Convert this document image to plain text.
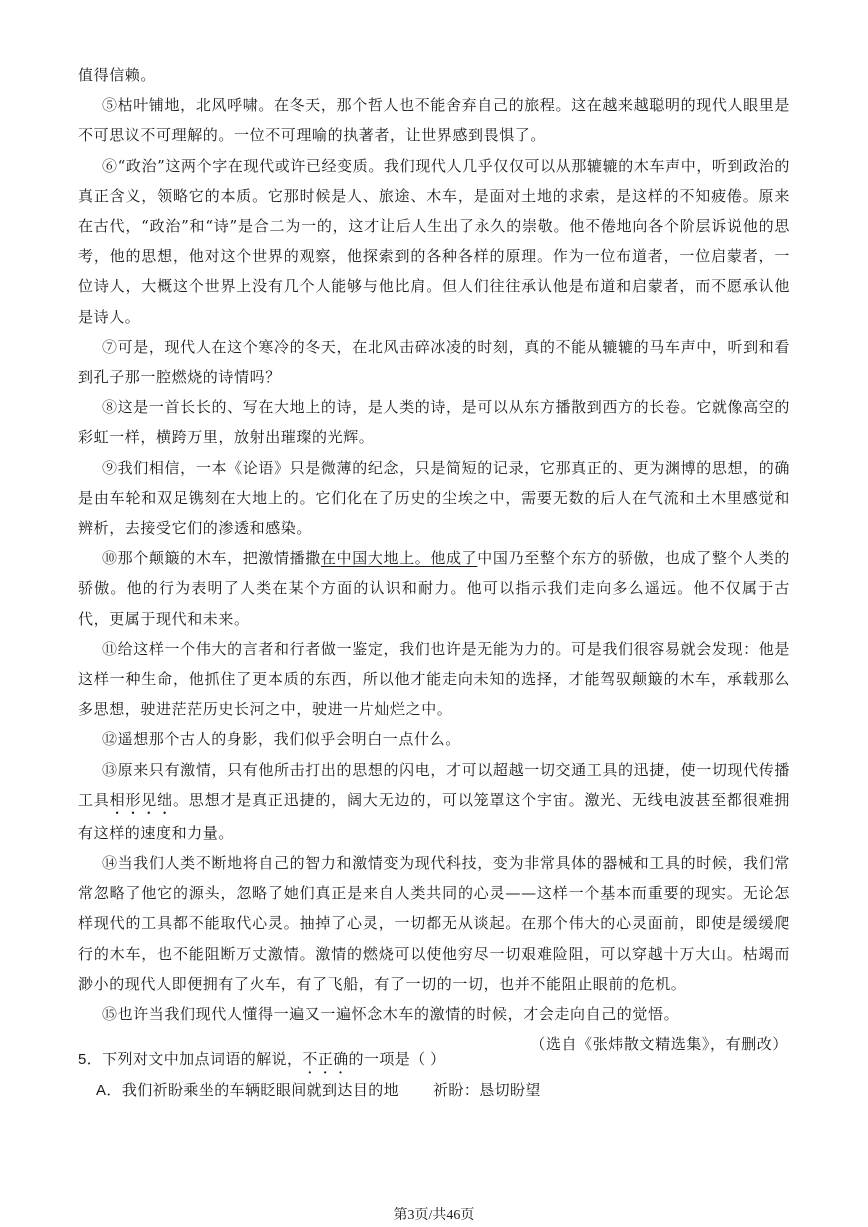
值得信赖。

⑤枯叶铺地，北风呼啸。在冬天，那个哲人也不能舍弃自己的旅程。这在越来越聪明的现代人眼里是不可思议不可理解的。一位不可理喻的执著者，让世界感到畏惧了。

⑥“政治”这两个字在现代或许已经变质。我们现代人几乎仅仅可以从那辘辘的木车声中，听到政治的真正含义，领略它的本质。它那时候是人、旅途、木车，是面对土地的求索，是这样的不知疲倦。原来在古代，“政治”和“诗”是合二为一的，这才让后人生出了永久的崇敬。他不倦地向各个阶层诉说他的思考，他的思想，他对这个世界的观察，他探索到的各种各样的原理。作为一位布道者，一位启蒙者，一位诗人，大概这个世界上没有几个人能够与他比肩。但人们往往承认他是布道和启蒙者，而不愿承认他是诗人。

⑦可是，现代人在这个寒冷的冬天，在北风击碎冰凌的时刻，真的不能从辘辘的马车声中，听到和看到孔子那一腔燃烧的诗情吗？

⑧这是一首长长的、写在大地上的诗，是人类的诗，是可以从东方播散到西方的长卷。它就像高空的彩虹一样，横跨万里，放射出璀璨的光辉。

⑨我们相信，一本《论语》只是微薄的纪念，只是简短的记录，它那真正的、更为渊博的思想，的确是由车轮和双足镌刻在大地上的。它们化在了历史的尘埃之中，需要无数的后人在气流和土木里感觉和辨析，去接受它们的渗透和感染。

⑩那个颠簸的木车，把激情播撒在中国大地上。他成了中国乃至整个东方的骄傲，也成了整个人类的骄傲。他的行为表明了人类在某个方面的认识和耐力。他可以指示我们走向多么遥远。他不仅属于古代，更属于现代和未来。

⑪给这样一个伟大的言者和行者做一鉴定，我们也许是无能为力的。可是我们很容易就会发现：他是这样一种生命，他抓住了更本质的东西，所以他才能走向未知的选择，才能驾驭颠簸的木车，承载那么多思想，驶进茫茫历史长河之中，驶进一片灿烂之中。

⑫遥想那个古人的身影，我们似乎会明白一点什么。

⑬原来只有激情，只有他所击打出的思想的闪电，才可以超越一切交通工具的迅捷，使一切现代传播工具相形见绌。思想才是真正迅捷的，阔大无边的，可以笼罩这个宇宙。激光、无线电波甚至都很难拥有这样的速度和力量。

⑭当我们人类不断地将自己的智力和激情变为现代科技，变为非常具体的器械和工具的时候，我们常常忽略了他它的源头，忽略了她们真正是来自人类共同的心灵——这样一个基本而重要的现实。无论怎样现代的工具都不能取代心灵。抽掉了心灵，一切都无从谈起。在那个伟大的心灵面前，即使是缓缓爬行的木车，也不能阻断万丈激情。激情的燃烧可以使他穷尽一切艰难险阻，可以穿越十万大山。枯竭而渺小的现代人即便拥有了火车，有了飞船，有了一切的一切，也并不能阻止眼前的危机。

⑮也许当我们现代人懂得一遍又一遍怀念木车的激情的时候，才会走向自己的觉悟。

（选自《张炜散文精选集》，有删改）

5．下列对文中加点词语的解说，不正确的一项是（ ）
A．我们祈盼乘坐的车辆眨眼间就到达目的地 祈盼：恳切盼望
第3页/共46页
